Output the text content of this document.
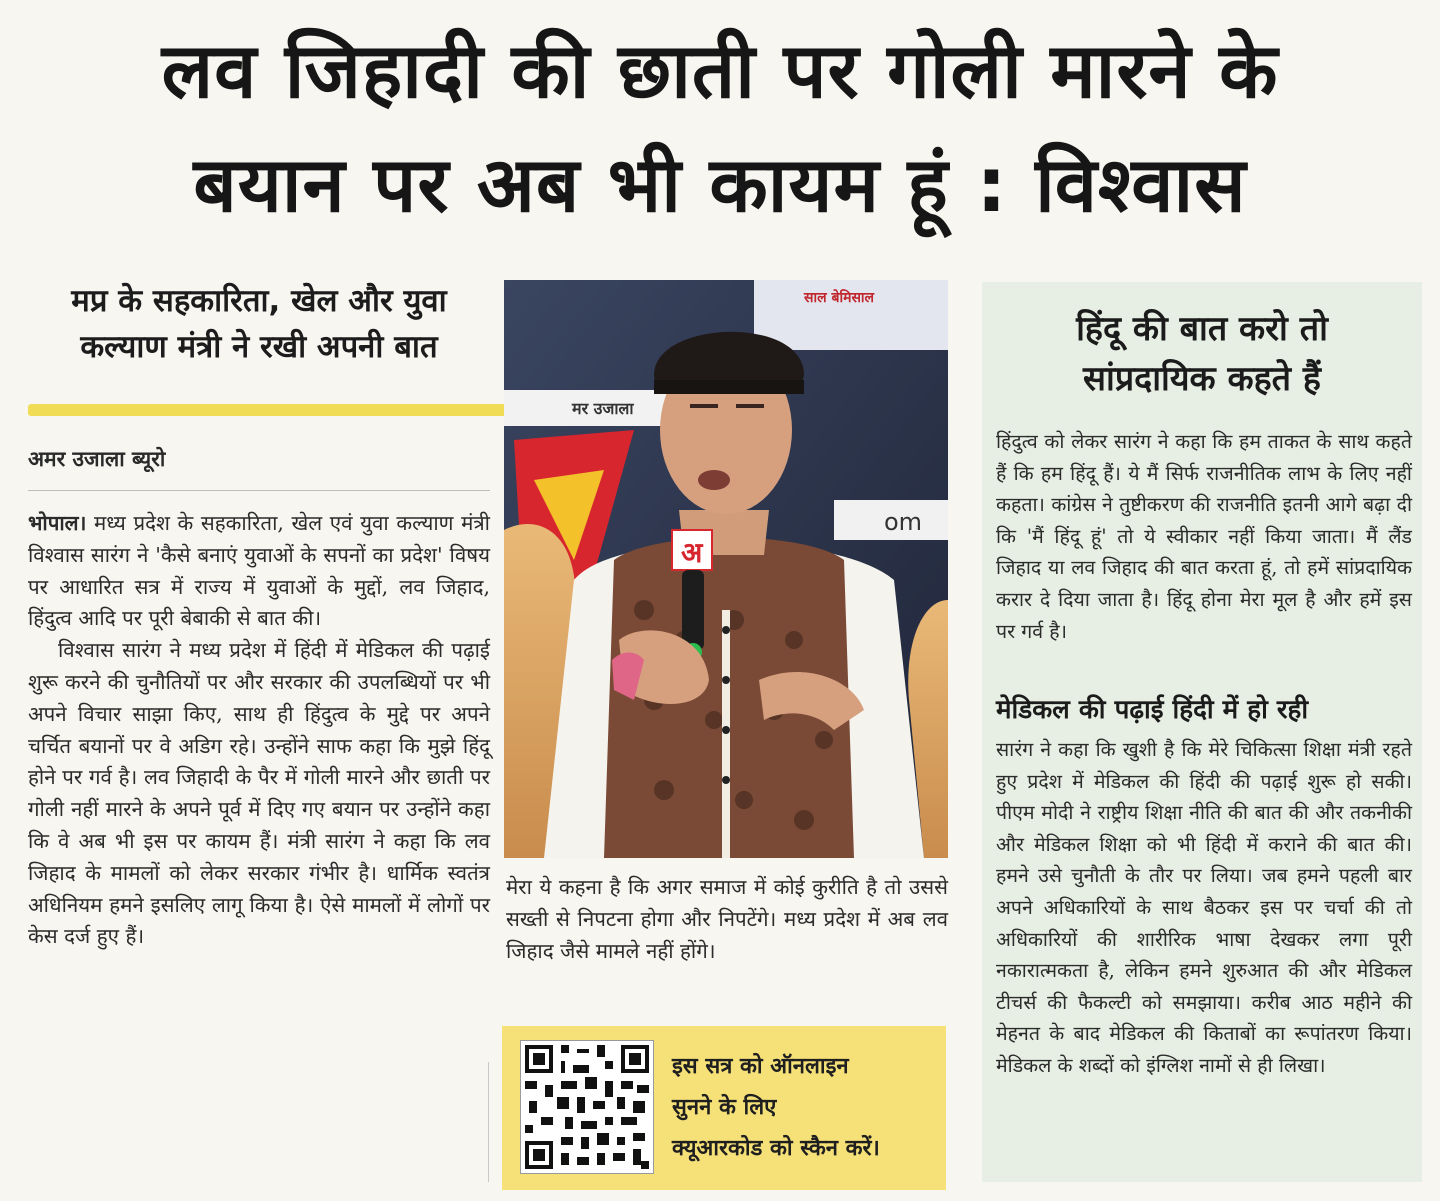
लव जिहादी की छाती पर गोली मारने के
बयान पर अब भी कायम हूं : विश्वास
मप्र के सहकारिता, खेल और युवा
कल्याण मंत्री ने रखी अपनी बात
अमर उजाला ब्यूरो

भोपाल। मध्य प्रदेश के सहकारिता, खेल एवं युवा कल्याण मंत्री विश्वास सारंग ने 'कैसे बनाएं युवाओं के सपनों का प्रदेश' विषय पर आधारित सत्र में राज्य में युवाओं के मुद्दों, लव जिहाद, हिंदुत्व आदि पर पूरी बेबाकी से बात की।

विश्वास सारंग ने मध्य प्रदेश में हिंदी में मेडिकल की पढ़ाई शुरू करने की चुनौतियों पर और सरकार की उपलब्धियों पर भी अपने विचार साझा किए, साथ ही हिंदुत्व के मुद्दे पर अपने चर्चित बयानों पर वे अडिग रहे। उन्होंने साफ कहा कि मुझे हिंदू होने पर गर्व है। लव जिहादी के पैर में गोली मारने और छाती पर गोली नहीं मारने के अपने पूर्व में दिए गए बयान पर उन्होंने कहा कि वे अब भी इस पर कायम हैं। मंत्री सारंग ने कहा कि लव जिहाद के मामलों को लेकर सरकार गंभीर है। धार्मिक स्वतंत्र अधिनियम हमने इसलिए लागू किया है। ऐसे मामलों में लोगों पर केस दर्ज हुए हैं।

साल बेमिसाल
मर उजाला
om
अ
मेरा ये कहना है कि अगर समाज में कोई कुरीति है तो उससे सख्ती से निपटना होगा और निपटेंगे। मध्य प्रदेश में अब लव जिहाद जैसे मामले नहीं होंगे।
इस सत्र को ऑनलाइन
सुनने के लिए
क्यूआरकोड को स्कैन करें।
हिंदू की बात करो तो
सांप्रदायिक कहते हैं
हिंदुत्व को लेकर सारंग ने कहा कि हम ताकत के साथ कहते हैं कि हम हिंदू हैं। ये मैं सिर्फ राजनीतिक लाभ के लिए नहीं कहता। कांग्रेस ने तुष्टीकरण की राजनीति इतनी आगे बढ़ा दी कि 'मैं हिंदू हूं' तो ये स्वीकार नहीं किया जाता। मैं लैंड जिहाद या लव जिहाद की बात करता हूं, तो हमें सांप्रदायिक करार दे दिया जाता है। हिंदू होना मेरा मूल है और हमें इस पर गर्व है।
मेडिकल की पढ़ाई हिंदी में हो रही
सारंग ने कहा कि खुशी है कि मेरे चिकित्सा शिक्षा मंत्री रहते हुए प्रदेश में मेडिकल की हिंदी की पढ़ाई शुरू हो सकी। पीएम मोदी ने राष्ट्रीय शिक्षा नीति की बात की और तकनीकी और मेडिकल शिक्षा को भी हिंदी में कराने की बात की। हमने उसे चुनौती के तौर पर लिया। जब हमने पहली बार अपने अधिकारियों के साथ बैठकर इस पर चर्चा की तो अधिकारियों की शारीरिक भाषा देखकर लगा पूरी नकारात्मकता है, लेकिन हमने शुरुआत की और मेडिकल टीचर्स की फैकल्टी को समझाया। करीब आठ महीने की मेहनत के बाद मेडिकल की किताबों का रूपांतरण किया। मेडिकल के शब्दों को इंग्लिश नामों से ही लिखा।
